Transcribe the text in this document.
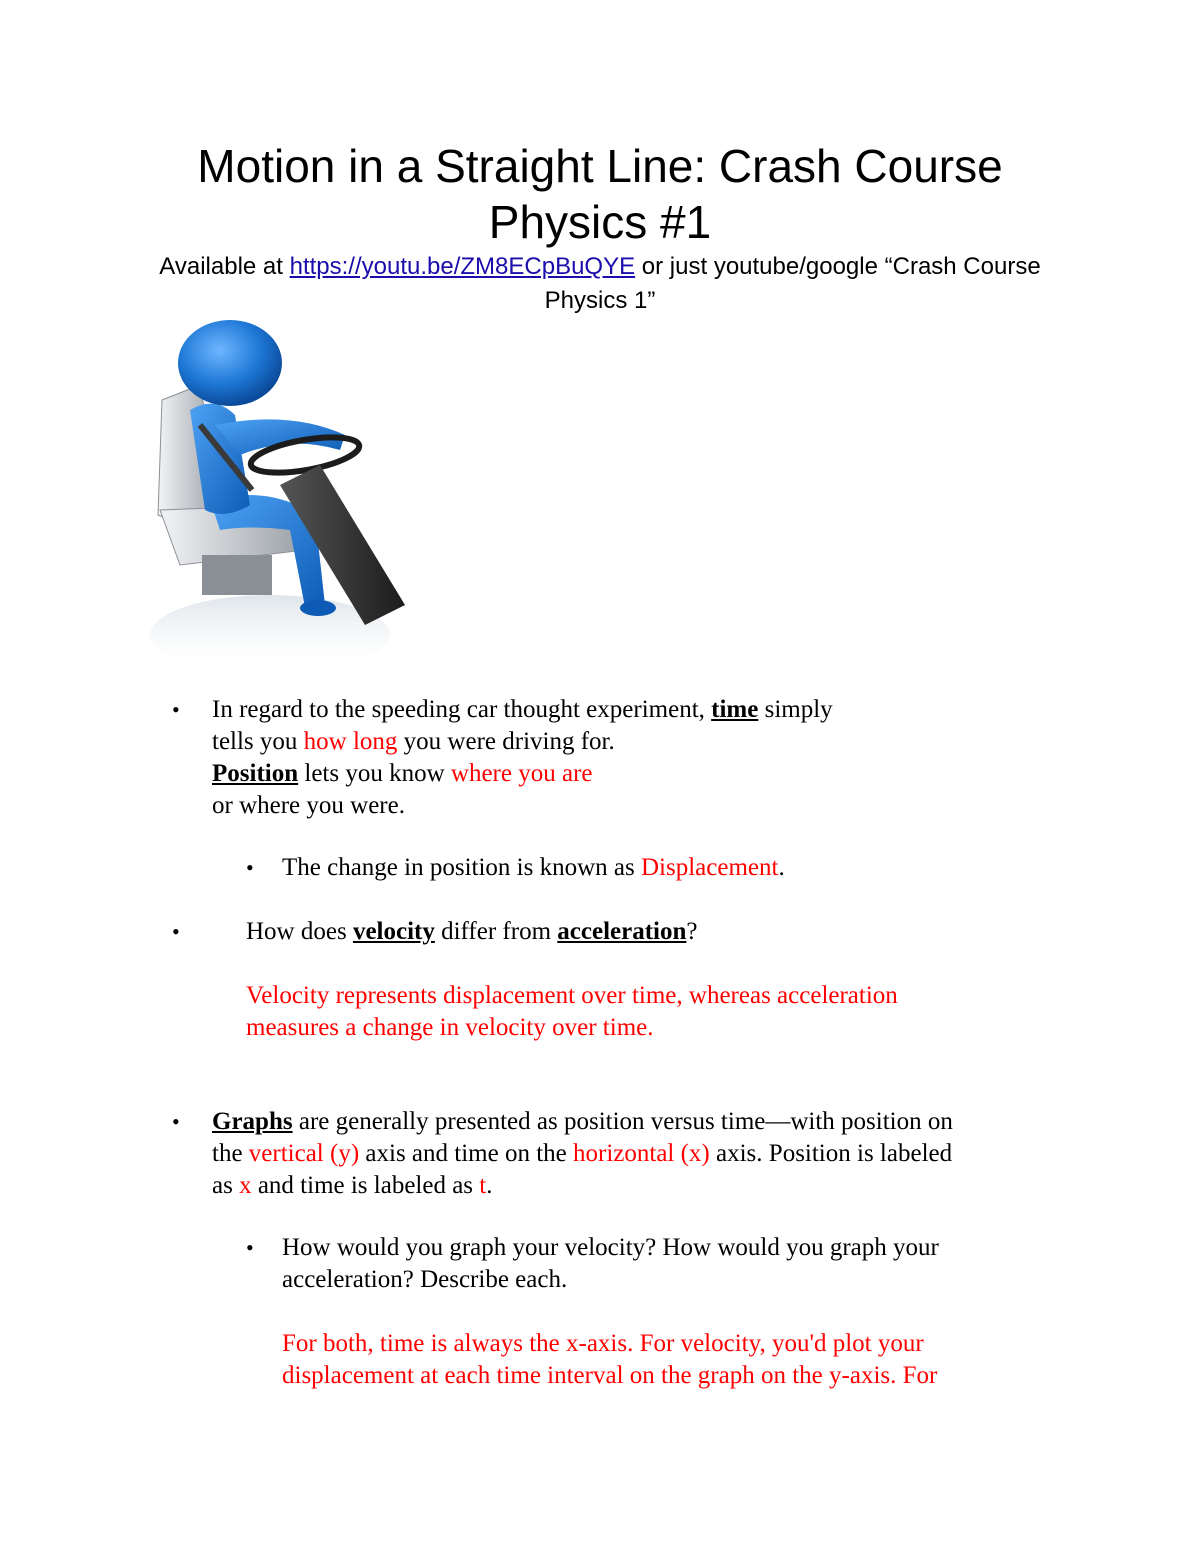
Motion in a Straight Line: Crash Course
Physics #1
Available at https://youtu.be/ZM8ECpBuQYE or just youtube/google “Crash Course
Physics 1”
• In regard to the speeding car thought experiment, time simply
tells you how long you were driving for.
Position lets you know where you are
or where you were.
• The change in position is known as Displacement.
•	How does velocity differ from acceleration?
Velocity represents displacement over time, whereas acceleration
measures a change in velocity over time.
• Graphs are generally presented as position versus time—with position on
the vertical (y) axis and time on the horizontal (x) axis. Position is labeled
as x and time is labeled as t.
• How would you graph your velocity? How would you graph your
acceleration? Describe each.
For both, time is always the x-axis. For velocity, you'd plot your
displacement at each time interval on the graph on the y-axis. For
